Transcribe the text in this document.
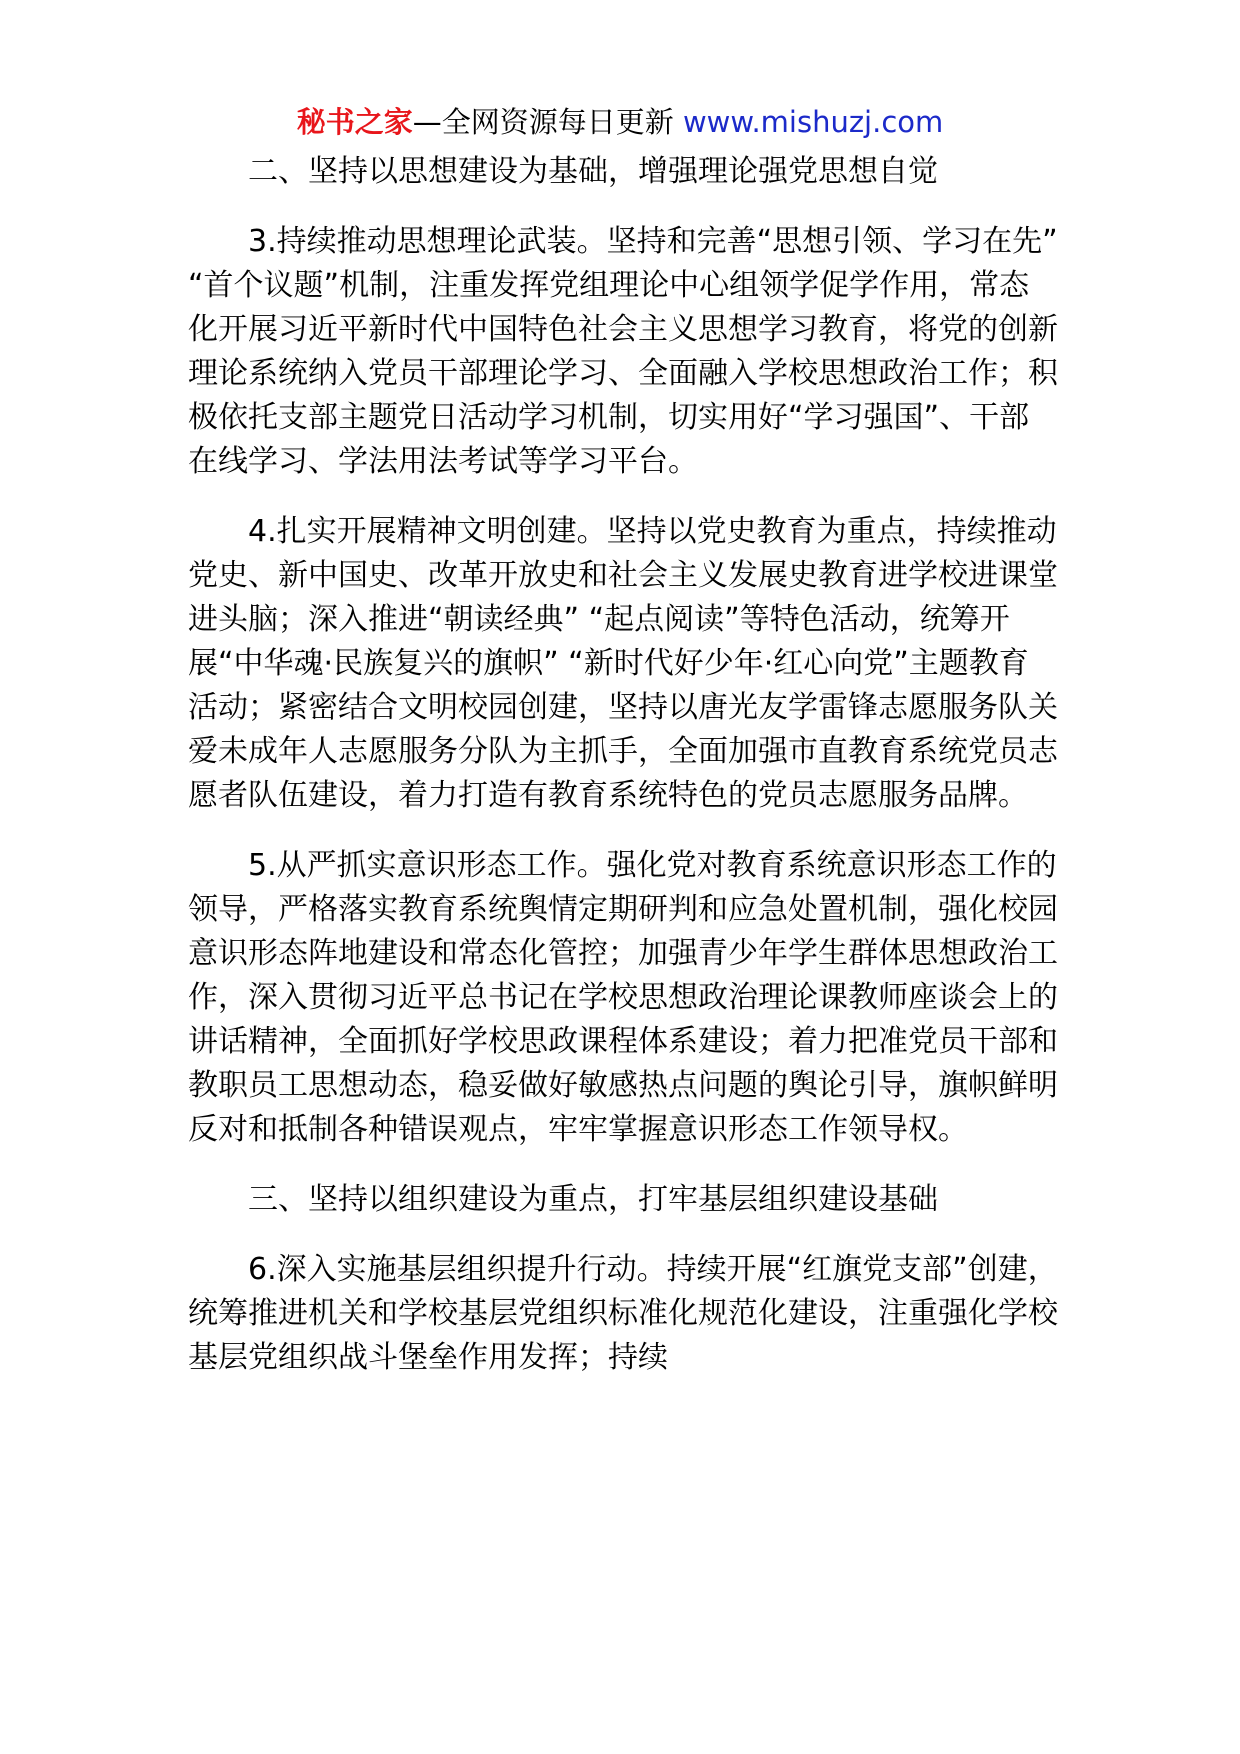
秘书之家—全网资源每日更新 www.mishuzj.com

二、坚持以思想建设为基础，增强理论强党思想自觉

3.持续推动思想理论武装。坚持和完善“思想引领、学习在先” “首个议题”机制，注重发挥党组理论中心组领学促学作用，常态化开展习近平新时代中国特色社会主义思想学习教育，将党的创新理论系统纳入党员干部理论学习、全面融入学校思想政治工作；积极依托支部主题党日活动学习机制，切实用好“学习强国”、干部在线学习、学法用法考试等学习平台。

4.扎实开展精神文明创建。坚持以党史教育为重点，持续推动党史、新中国史、改革开放史和社会主义发展史教育进学校进课堂进头脑；深入推进“朝读经典” “起点阅读”等特色活动，统筹开展“中华魂·民族复兴的旗帜” “新时代好少年·红心向党”主题教育活动；紧密结合文明校园创建，坚持以唐光友学雷锋志愿服务队关爱未成年人志愿服务分队为主抓手，全面加强市直教育系统党员志愿者队伍建设，着力打造有教育系统特色的党员志愿服务品牌。

5.从严抓实意识形态工作。强化党对教育系统意识形态工作的领导，严格落实教育系统舆情定期研判和应急处置机制，强化校园意识形态阵地建设和常态化管控；加强青少年学生群体思想政治工作，深入贯彻习近平总书记在学校思想政治理论课教师座谈会上的讲话精神，全面抓好学校思政课程体系建设；着力把准党员干部和教职员工思想动态，稳妥做好敏感热点问题的舆论引导，旗帜鲜明反对和抵制各种错误观点，牢牢掌握意识形态工作领导权。

三、坚持以组织建设为重点，打牢基层组织建设基础

6.深入实施基层组织提升行动。持续开展“红旗党支部”创建，统筹推进机关和学校基层党组织标准化规范化建设，注重强化学校基层党组织战斗堡垒作用发挥；持续
